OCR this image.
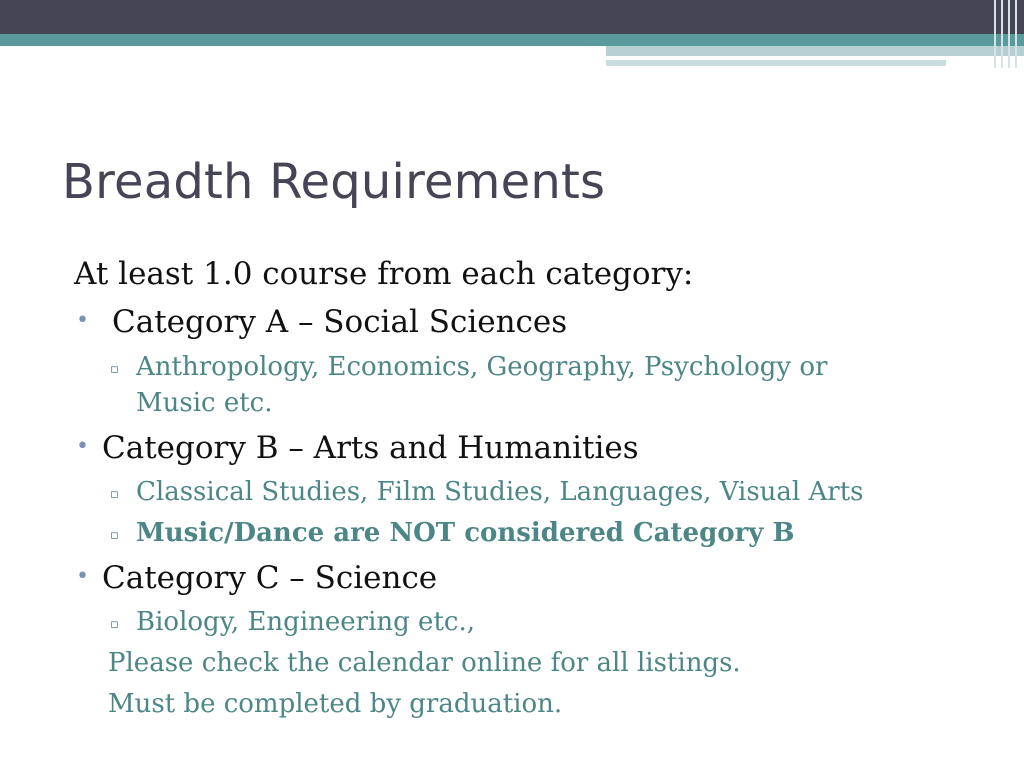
Breadth Requirements
At least 1.0 course from each category:
• Category A – Social Sciences
▫ Anthropology, Economics, Geography, Psychology or
Music etc.
• Category B – Arts and Humanities
▫ Classical Studies, Film Studies, Languages, Visual Arts
▫ Music/Dance are NOT considered Category B
• Category C – Science
▫ Biology, Engineering etc.,
Please check the calendar online for all listings.
Must be completed by graduation.
